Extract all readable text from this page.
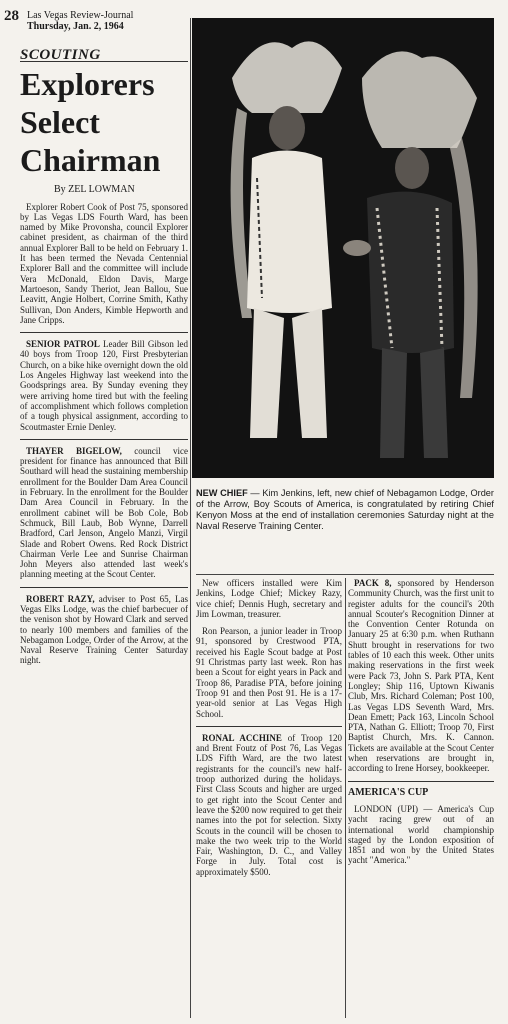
28 Las Vegas Review-Journal
Thursday, Jan. 2, 1964
SCOUTING
Explorers
Select
Chairman
By ZEL LOWMAN

Explorer Robert Cook of Post 75, sponsored by Las Vegas LDS Fourth Ward, has been named by Mike Provonsha, council Explorer cabinet president, as chairman of the third annual Explorer Ball to be held on February 1. It has been termed the Nevada Centennial Explorer Ball and the committee will include Vera McDonald, Eldon Davis, Marge Martoeson, Sandy Theriot, Jean Ballou, Sue Leavitt, Angie Holbert, Corrine Smith, Kathy Sullivan, Don Anders, Kimble Hepworth and Jane Cripps.

SENIOR PATROL Leader Bill Gibson led 40 boys from Troop 120, First Presbyterian Church, on a bike hike overnight down the old Los Angeles Highway last weekend into the Goodsprings area. By Sunday evening they were arriving home tired but with the feeling of accomplishment which follows completion of a tough physical assignment, according to Scoutmaster Ernie Denley.

THAYER BIGELOW, council vice president for finance has announced that Bill Southard will head the sustaining membership enrollment for the Boulder Dam Area Council in February. In the enrollment for the Boulder Dam Area Council in February. In the enrollment cabinet will be Bob Cole, Bob Schmuck, Bill Laub, Bob Wynne, Darrell Bradford, Carl Jenson, Angelo Manzi, Virgil Slade and Robert Owens. Red Rock District Chairman Verle Lee and Sunrise Chairman John Meyers also attended last week's planning meeting at the Scout Center.

ROBERT RAZY, adviser to Post 65, Las Vegas Elks Lodge, was the chief barbecuer of the venison shot by Howard Clark and served to nearly 100 members and families of the Nebagamon Lodge, Order of the Arrow, at the Naval Reserve Training Center Saturday night.

NEW CHIEF — Kim Jenkins, left, new chief of Nebagamon Lodge, Order of the Arrow, Boy Scouts of America, is congratulated by retiring Chief Kenyon Moss at the end of installation ceremonies Saturday night at the Naval Reserve Training Center.

New officers installed were Kim Jenkins, Lodge Chief; Mickey Razy, vice chief; Dennis Hugh, secretary and Jim Lowman, treasurer.

Ron Pearson, a junior leader in Troop 91, sponsored by Crestwood PTA, received his Eagle Scout badge at Post 91 Christmas party last week. Ron has been a Scout for eight years in Pack and Troop 86, Paradise PTA, before joining Troop 91 and then Post 91. He is a 17-year-old senior at Las Vegas High School.

RONAL ACCHINE of Troop 120 and Brent Foutz of Post 76, Las Vegas LDS Fifth Ward, are the two latest registrants for the council's new half-troop authorized during the holidays. First Class Scouts and higher are urged to get right into the Scout Center and leave the $200 now required to get their names into the pot for selection. Sixty Scouts in the council will be chosen to make the two week trip to the World Fair, Washington, D. C., and Valley Forge in July. Total cost is approximately $500.

PACK 8, sponsored by Henderson Community Church, was the first unit to register adults for the council's 20th annual Scouter's Recognition Dinner at the Convention Center Rotunda on January 25 at 6:30 p.m. when Ruthann Shutt brought in reservations for two tables of 10 each this week. Other units making reservations in the first week were Pack 73, John S. Park PTA, Kent Longley; Ship 116, Uptown Kiwanis Club, Mrs. Richard Coleman; Post 100, Las Vegas LDS Seventh Ward, Mrs. Dean Emett; Pack 163, Lincoln School PTA, Nathan G. Elliott; Troop 70, First Baptist Church, Mrs. K. Cannon. Tickets are available at the Scout Center when reservations are brought in, according to Irene Horsey, bookkeeper.

AMERICA'S CUP

LONDON (UPI) — America's Cup yacht racing grew out of an international world championship staged by the London exposition of 1851 and won by the United States yacht "America."
